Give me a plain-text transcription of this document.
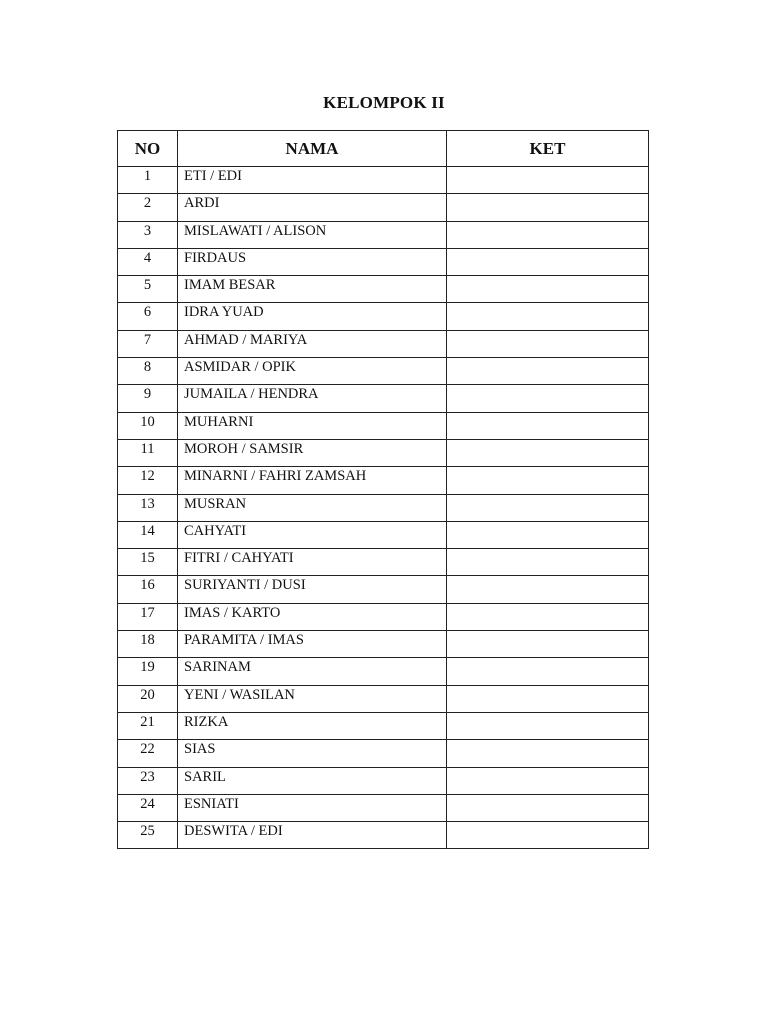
KELOMPOK II
NO	NAMA	KET
1	ETI / EDI	
2	ARDI	
3	MISLAWATI / ALISON	
4	FIRDAUS	
5	IMAM BESAR	
6	IDRA YUAD	
7	AHMAD / MARIYA	
8	ASMIDAR / OPIK	
9	JUMAILA / HENDRA	
10	MUHARNI	
11	MOROH / SAMSIR	
12	MINARNI / FAHRI ZAMSAH	
13	MUSRAN	
14	CAHYATI	
15	FITRI / CAHYATI	
16	SURIYANTI / DUSI	
17	IMAS / KARTO	
18	PARAMITA / IMAS	
19	SARINAM	
20	YENI / WASILAN	
21	RIZKA	
22	SIAS	
23	SARIL	
24	ESNIATI	
25	DESWITA / EDI	
